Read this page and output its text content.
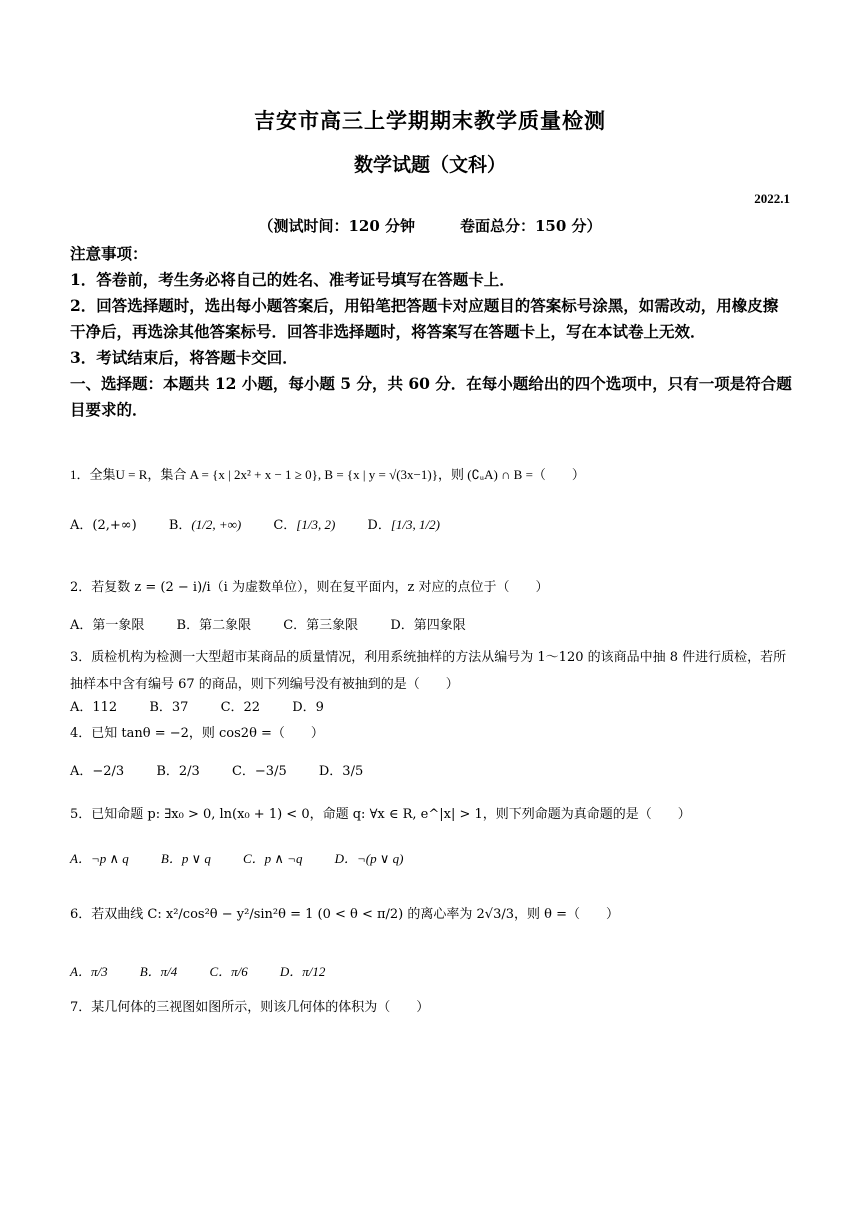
吉安市高三上学期期末教学质量检测
数学试题（文科）
2022.1
（测试时间：120 分钟　　　卷面总分：150 分）

注意事项：

1．答卷前，考生务必将自己的姓名、准考证号填写在答题卡上．

2．回答选择题时，选出每小题答案后，用铅笔把答题卡对应题目的答案标号涂黑，如需改动，用橡皮擦干净后，再选涂其他答案标号．回答非选择题时，将答案写在答题卡上，写在本试卷上无效．

3．考试结束后，将答题卡交回．

一、选择题：本题共 12 小题，每小题 5 分，共 60 分．在每小题给出的四个选项中，只有一项是符合题目要求的．

1．全集U = R，集合 A = {x | 2x² + x − 1 ≥ 0}, B = {x | y = √(3x−1)}，则 (∁ᵤA) ∩ B =（　　）
A．(2,+∞) B．(1/2, +∞) C．[1/3, 2) D．[1/3, 1/2)
2．若复数 z = (2 − i)/i（i 为虚数单位），则在复平面内，z 对应的点位于（　　）
A．第一象限 B．第二象限 C．第三象限 D．第四象限
3．质检机构为检测一大型超市某商品的质量情况，利用系统抽样的方法从编号为 1～120 的该商品中抽 8 件进行质检，若所抽样本中含有编号 67 的商品，则下列编号没有被抽到的是（　　）
A．112 B．37 C．22 D．9
4．已知 tanθ = −2，则 cos2θ =（　　）
A．−2/3 B．2/3 C．−3/5 D．3/5
5．已知命题 p: ∃x₀ > 0, ln(x₀ + 1) < 0，命题 q: ∀x ∈ R, e^|x| > 1，则下列命题为真命题的是（　　）
A．¬p ∧ q B．p ∨ q C．p ∧ ¬q D．¬(p ∨ q)
6．若双曲线 C: x²/cos²θ − y²/sin²θ = 1 (0 < θ < π/2) 的离心率为 2√3/3，则 θ =（　　）
A．π/3 B．π/4 C．π/6 D．π/12
7．某几何体的三视图如图所示，则该几何体的体积为（　　）
